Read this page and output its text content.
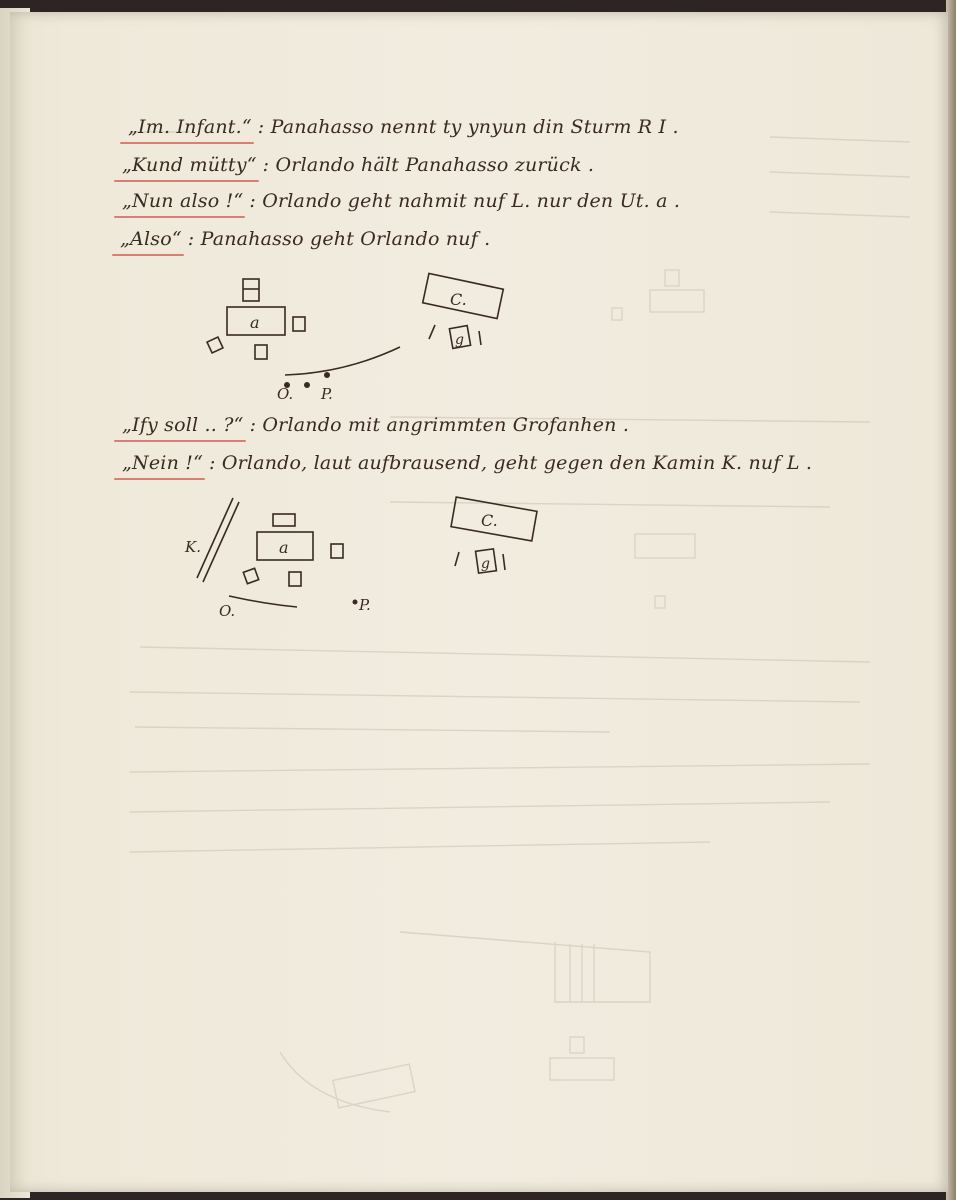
„Im. Infant.“ : Panahasso nennt ty ynyun din Sturm R I .
„Kund mütty“ : Orlando hält Panahasso zurück .
„Nun also !“ : Orlando geht nahmit nuf L. nur den Ut. a .
„Also“ : Panahasso geht Orlando nuf .
a
C.
g
O. P.
„Ify soll .. ?“ : Orlando mit angrimmten Grofanhen .
„Nein !“ : Orlando, laut aufbrausend, geht gegen den Kamin K. nuf L .
K.	a
C.
g
O.	P.
